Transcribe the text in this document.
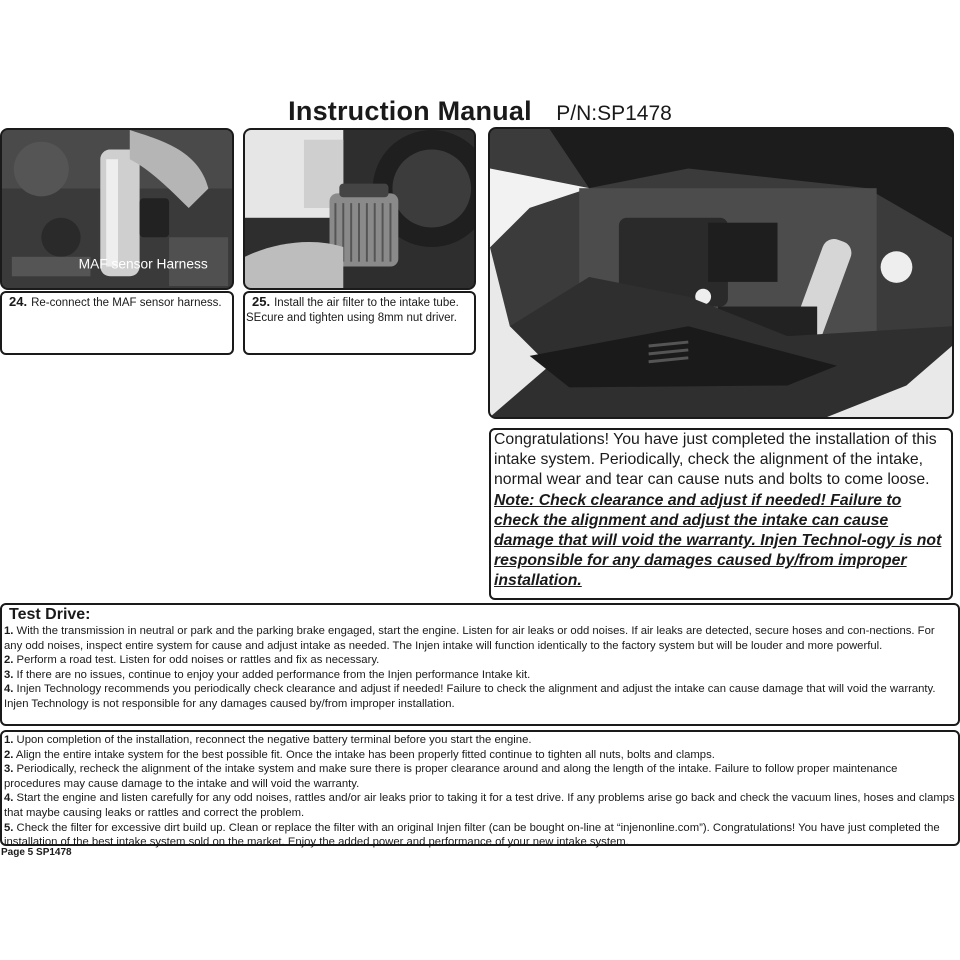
Instruction Manual P/N:SP1478
MAF sensor Harness
24. Re-connect the MAF sensor harness.	25. Install the air filter to the intake tube. SEcure and tighten using 8mm nut driver.
Congratulations! You have just completed the installation of this intake system. Periodically, check the alignment of the intake, normal wear and tear can cause nuts and bolts to come loose. Note: Check clearance and adjust if needed! Failure to check the alignment and adjust the intake can cause damage that will void the warranty. Injen Technol-ogy is not responsible for any damages caused by/from improper installation.
Test Drive:

1. With the transmission in neutral or park and the parking brake engaged, start the engine. Listen for air leaks or odd noises. If air leaks are detected, secure hoses and con-nections. For any odd noises, inspect entire system for cause and adjust intake as needed. The Injen intake will function identically to the factory system but will be louder and more powerful.

2. Perform a road test. Listen for odd noises or rattles and fix as necessary.

3. If there are no issues, continue to enjoy your added performance from the Injen performance Intake kit.

4. Injen Technology recommends you periodically check clearance and adjust if needed! Failure to check the alignment and adjust the intake can cause damage that will void the warranty. Injen Technology is not responsible for any damages caused by/from improper installation.

1. Upon completion of the installation, reconnect the negative battery terminal before you start the engine.

2. Align the entire intake system for the best possible fit. Once the intake has been properly fitted continue to tighten all nuts, bolts and clamps.

3. Periodically, recheck the alignment of the intake system and make sure there is proper clearance around and along the length of the intake. Failure to follow proper maintenance procedures may cause damage to the intake and will void the warranty.

4. Start the engine and listen carefully for any odd noises, rattles and/or air leaks prior to taking it for a test drive. If any problems arise go back and check the vacuum lines, hoses and clamps that maybe causing leaks or rattles and correct the problem.

5. Check the filter for excessive dirt build up. Clean or replace the filter with an original Injen filter (can be bought on-line at “injenonline.com”). Congratulations! You have just completed the installation of the best intake system sold on the market. Enjoy the added power and performance of your new intake system.

Page 5 SP1478
